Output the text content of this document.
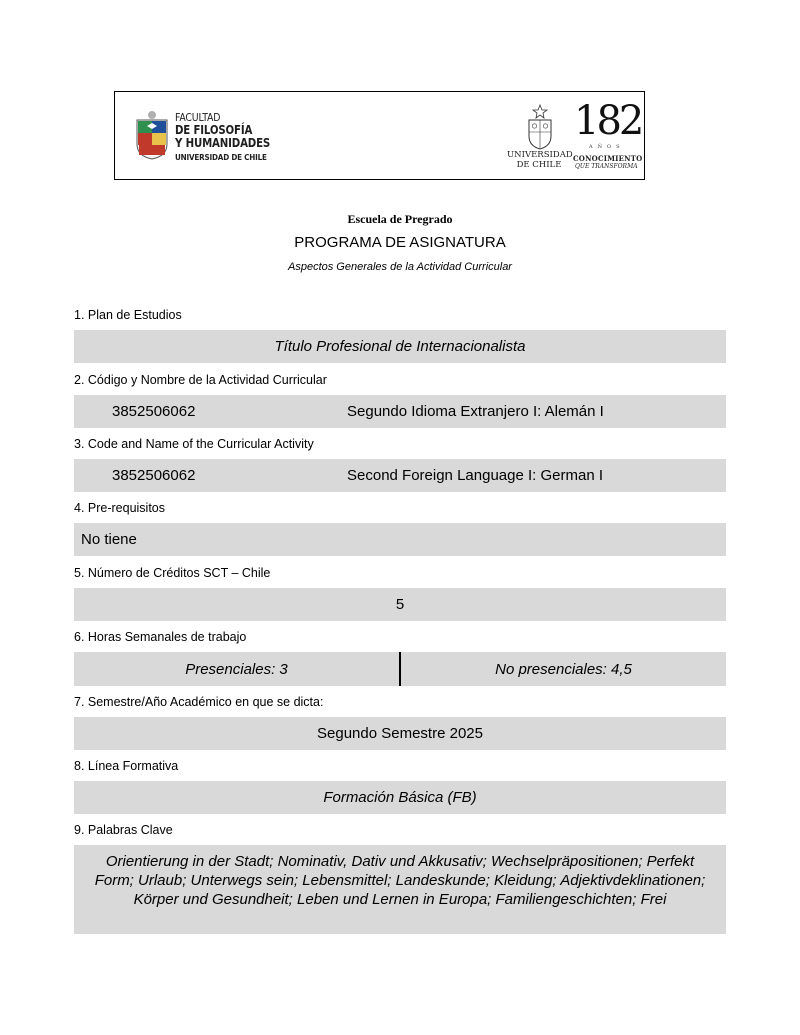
FACULTAD
DE FILOSOFÍA
Y HUMANIDADES
UNIVERSIDAD DE CHILE	UNIVERSIDAD
DE CHILE
182
AÑOS
CONOCIMIENTO
QUE TRANSFORMA
Escuela de Pregrado
PROGRAMA DE ASIGNATURA
Aspectos Generales de la Actividad Curricular
1. Plan de Estudios
Título Profesional de Internacionalista
2. Código y Nombre de la Actividad Curricular
3852506062	Segundo Idioma Extranjero I: Alemán I
3. Code and Name of the Curricular Activity
3852506062	Second Foreign Language I: German I
4. Pre-requisitos
No tiene
5. Número de Créditos SCT – Chile
5
6. Horas Semanales de trabajo
Presenciales: 3	No presenciales: 4,5
7. Semestre/Año Académico en que se dicta:
Segundo Semestre 2025
8. Línea Formativa
Formación Básica (FB)
9. Palabras Clave
Orientierung in der Stadt; Nominativ, Dativ und Akkusativ; Wechselpräpositionen; Perfekt Form; Urlaub; Unterwegs sein; Lebensmittel; Landeskunde; Kleidung; Adjektivdeklinationen; Körper und Gesundheit; Leben und Lernen in Europa; Familiengeschichten; Frei
